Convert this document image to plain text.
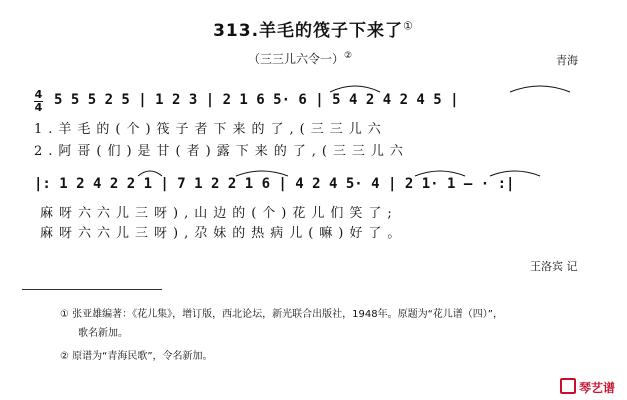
313.羊毛的筏子下来了①
（三三儿六令一）②	青海
4
4 5 5 5 2 5 | 1 2 3 | 2 1 6 5· 6 | 5 4 2 4 2 4 5 |
1.羊毛的(个)筏子者下来的了,(三三儿六
2.阿哥(们)是甘(者)露下来的了,(三三儿六
|: 1 2 4 2 2 1 | 7 1 2 2 1 6 | 4 2 4 5· 4 | 2 1· 1 – · :|
麻呀六六儿三呀),山边的(个)花儿们笑了;
麻呀六六儿三呀),尕妹的热病儿(嘛)好了。
王洛宾 记
① 张亚雄编著：《花儿集》，增订版，西北论坛，新光联合出版社，1948年。原题为“花儿谱（四）”，
歌名新加。
② 原谱为“青海民歌”，令名新加。
琴艺谱
